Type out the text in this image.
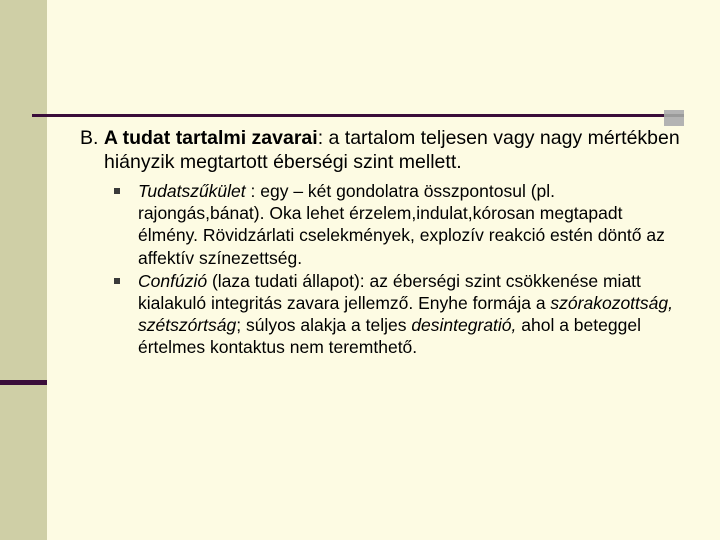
B. A tudat tartalmi zavarai: a tartalom teljesen vagy nagy mértékben hiányzik megtartott éberségi szint mellett.

Tudatszűkület : egy – két gondolatra összpontosul (pl. rajongás,bánat). Oka lehet érzelem,indulat,kórosan megtapadt élmény. Rövidzárlati cselekmények, explozív reakció estén döntő az affektív színezettség.
Confúzió (laza tudati állapot): az éberségi szint csökkenése miatt kialakuló integritás zavara jellemző. Enyhe formája a szórakozottság, szétszórtság; súlyos alakja a teljes desintegratió, ahol a beteggel értelmes kontaktus nem teremthető.
